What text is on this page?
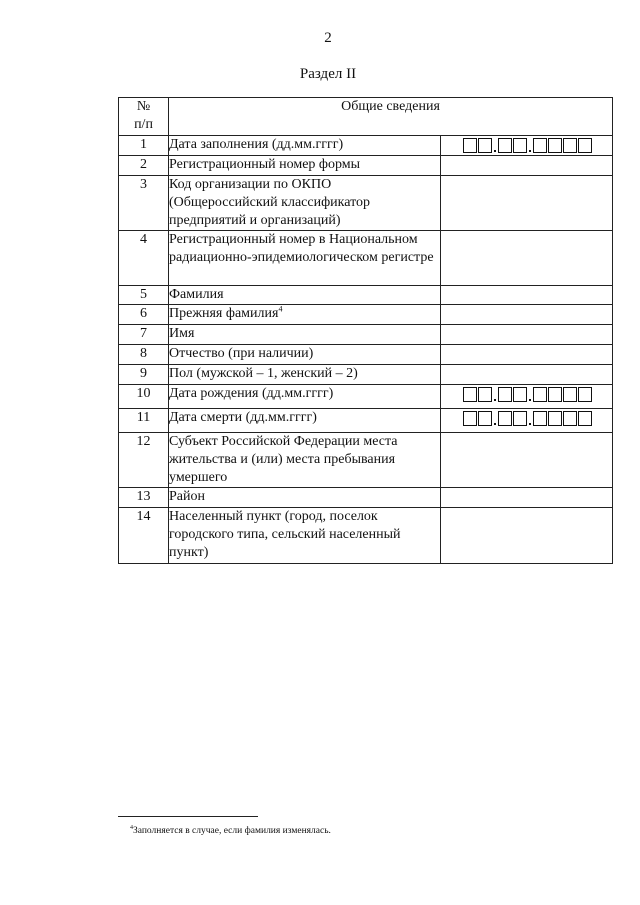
2
Раздел II
№
п/п	Общие сведения	
1	Дата заполнения (дд.мм.гггг)	

2	Регистрационный номер формы	
3	Код организации по ОКПО (Общероссийский классификатор предприятий и организаций)	
4	Регистрационный номер в Национальном радиационно-эпидемиологическом регистре	
5	Фамилия	
6	Прежняя фамилия$^4$	
7	Имя	
8	Отчество (при наличии)	
9	Пол (мужской – 1, женский – 2)	
10	Дата рождения (дд.мм.гггг)	

11	Дата смерти (дд.мм.гггг)	

12	Субъект Российской Федерации места жительства и (или) места пребывания умершего	
13	Район	
14	Населенный пункт (город, поселок городского типа, сельский населенный пункт)	
$^4$Заполняется в случае, если фамилия изменялась.
